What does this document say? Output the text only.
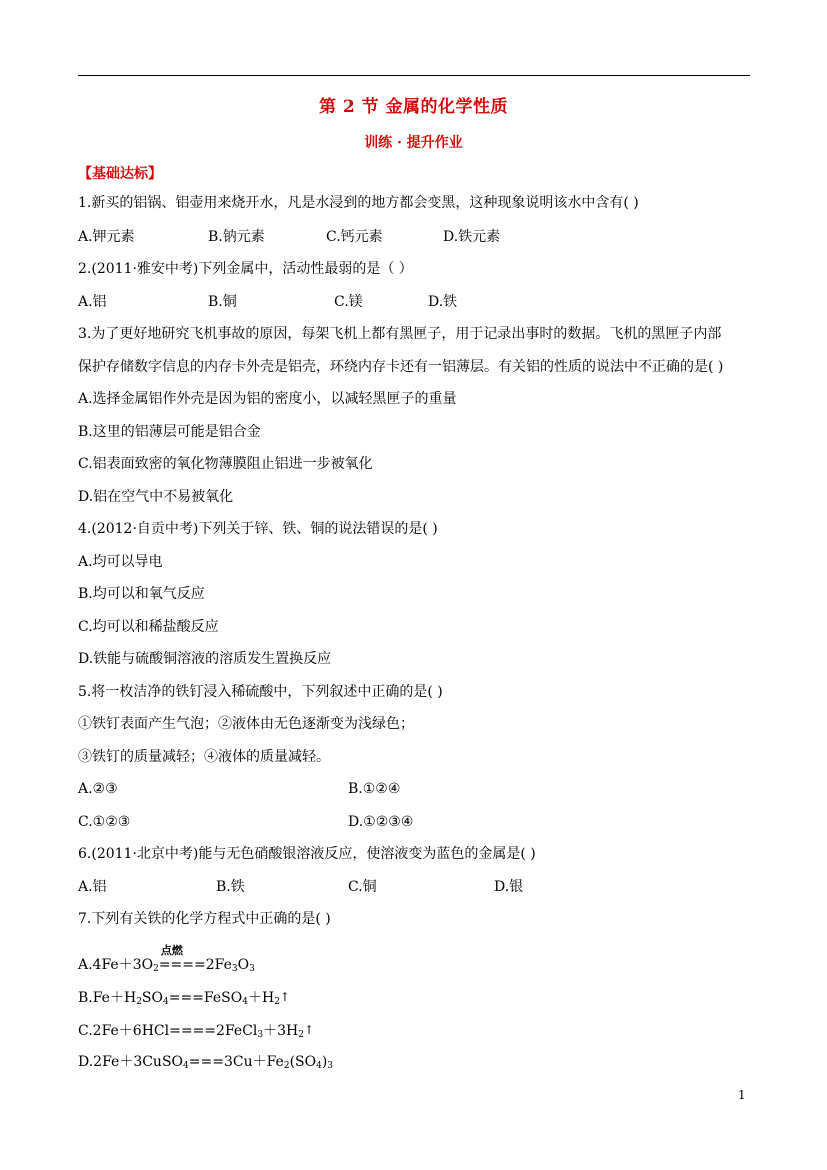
第 2 节 金属的化学性质
训练 · 提升作业
【基础达标】
1.新买的铝锅、铝壶用来烧开水，凡是水浸到的地方都会变黑，这种现象说明该水中含有( )
A.钾元素	B.钠元素	C.钙元素	D.铁元素
2.(2011·雅安中考)下列金属中，活动性最弱的是（ ）
A.铝	B.铜	C.镁	D.铁
3.为了更好地研究飞机事故的原因，每架飞机上都有黑匣子，用于记录出事时的数据。飞机的黑匣子内部
保护存储数字信息的内存卡外壳是铝壳，环绕内存卡还有一铝薄层。有关铝的性质的说法中不正确的是( )
A.选择金属铝作外壳是因为铝的密度小，以减轻黑匣子的重量
B.这里的铝薄层可能是铝合金
C.铝表面致密的氧化物薄膜阻止铝进一步被氧化
D.铝在空气中不易被氧化
4.(2012·自贡中考)下列关于锌、铁、铜的说法错误的是( )
A.均可以导电
B.均可以和氧气反应
C.均可以和稀盐酸反应
D.铁能与硫酸铜溶液的溶质发生置换反应
5.将一枚洁净的铁钉浸入稀硫酸中，下列叙述中正确的是( )
①铁钉表面产生气泡；②液体由无色逐渐变为浅绿色；
③铁钉的质量减轻；④液体的质量减轻。
A.②③	B.①②④
C.①②③	D.①②③④
6.(2011·北京中考)能与无色硝酸银溶液反应，使溶液变为蓝色的金属是( )
A.铝	B.铁	C.铜	D.银
7.下列有关铁的化学方程式中正确的是( )
$A.4Fe+3O_2$
点燃
$====2Fe_3O_3$
$B.Fe+H_2SO_4===FeSO_4+H_2↑$
$C.2Fe+6HCl====2FeCl_3+3H_2↑$
$D.2Fe+3CuSO_4===3Cu+Fe_2(SO_4)_3$
1
